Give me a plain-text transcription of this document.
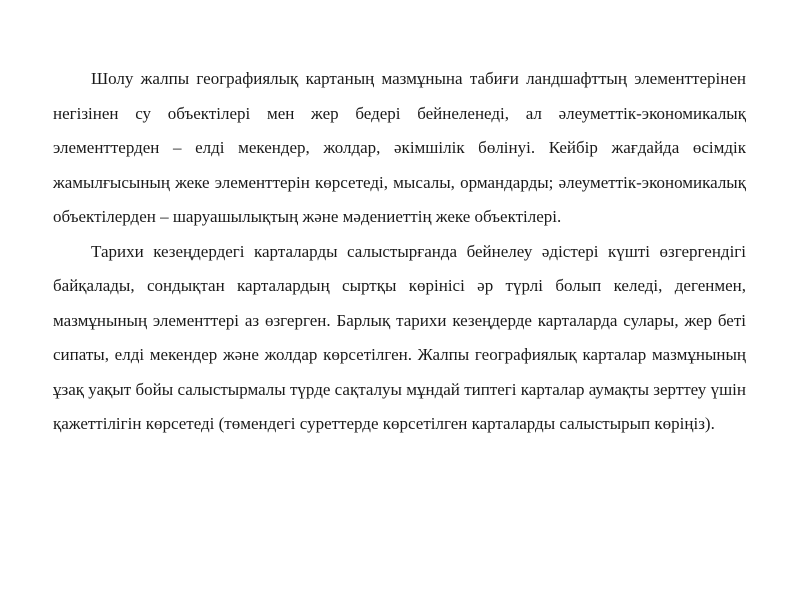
Шолу жалпы географиялық картаның мазмұнына табиғи ландшафттың элементтерінен негізінен су объектілері мен жер бедері бейнеленеді, ал әлеуметтік-экономикалық элементтерден – елді мекендер, жолдар, әкімшілік бөлінуі. Кейбір жағдайда өсімдік жамылғысының жеке элементтерін көрсетеді, мысалы, ормандарды; әлеуметтік-экономикалық объектілерден – шаруашылықтың және мәдениеттің жеке объектілері.

Тарихи кезеңдердегі карталарды салыстырғанда бейнелеу әдістері күшті өзгергендігі байқалады, сондықтан карталардың сыртқы көрінісі әр түрлі болып келеді, дегенмен, мазмұнының элементтері аз өзгерген. Барлық тарихи кезеңдерде карталарда сулары, жер беті сипаты, елді мекендер және жолдар көрсетілген. Жалпы географиялық карталар мазмұнының ұзақ уақыт бойы салыстырмалы түрде сақталуы мұндай типтегі карталар аумақты зерттеу үшін қажеттілігін көрсетеді (төмендегі суреттерде көрсетілген карталарды салыстырып көріңіз).
